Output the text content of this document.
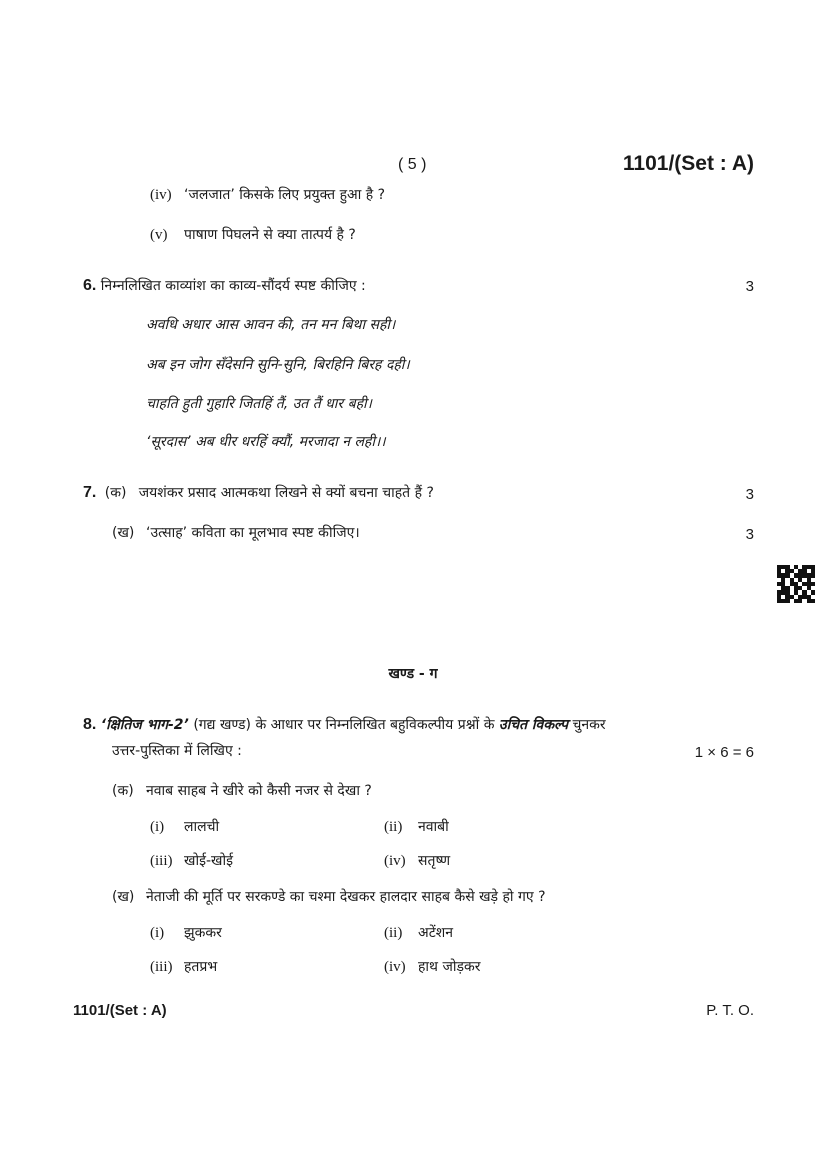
( 5 )	1101/(Set : A)
(iv) ‘जलजात’ किसके लिए प्रयुक्त हुआ है ?
(v) पाषाण पिघलने से क्या तात्पर्य है ?
6. निम्नलिखित काव्यांश का काव्य-सौंदर्य स्पष्ट कीजिए :	3
अवधि अधार आस आवन की, तन मन बिथा सही।
अब इन जोग सँदेसनि सुनि-सुनि, बिरहिनि बिरह दही।
चाहति हुती गुहारि जितहिं तैं, उत तैं धार बही।
‘सूरदास’ अब धीर धरहिं क्यौं, मरजादा न लही।।
7. (क) जयशंकर प्रसाद आत्मकथा लिखने से क्यों बचना चाहते हैं ?	3
(ख) ‘उत्साह’ कविता का मूलभाव स्पष्ट कीजिए।	3
खण्ड - ग
8. ‘क्षितिज भाग-2’ (गद्य खण्ड) के आधार पर निम्नलिखित बहुविकल्पीय प्रश्नों के उचित विकल्प चुनकर
उत्तर-पुस्तिका में लिखिए :	1 × 6 = 6
(क) नवाब साहब ने खीरे को कैसी नजर से देखा ?
(i) लालची	(ii) नवाबी
(iii) खोई-खोई	(iv) सतृष्ण
(ख) नेताजी की मूर्ति पर सरकण्डे का चश्मा देखकर हालदार साहब कैसे खड़े हो गए ?
(i) झुककर	(ii) अटेंशन
(iii) हतप्रभ	(iv) हाथ जोड़कर
1101/(Set : A)	P. T. O.
